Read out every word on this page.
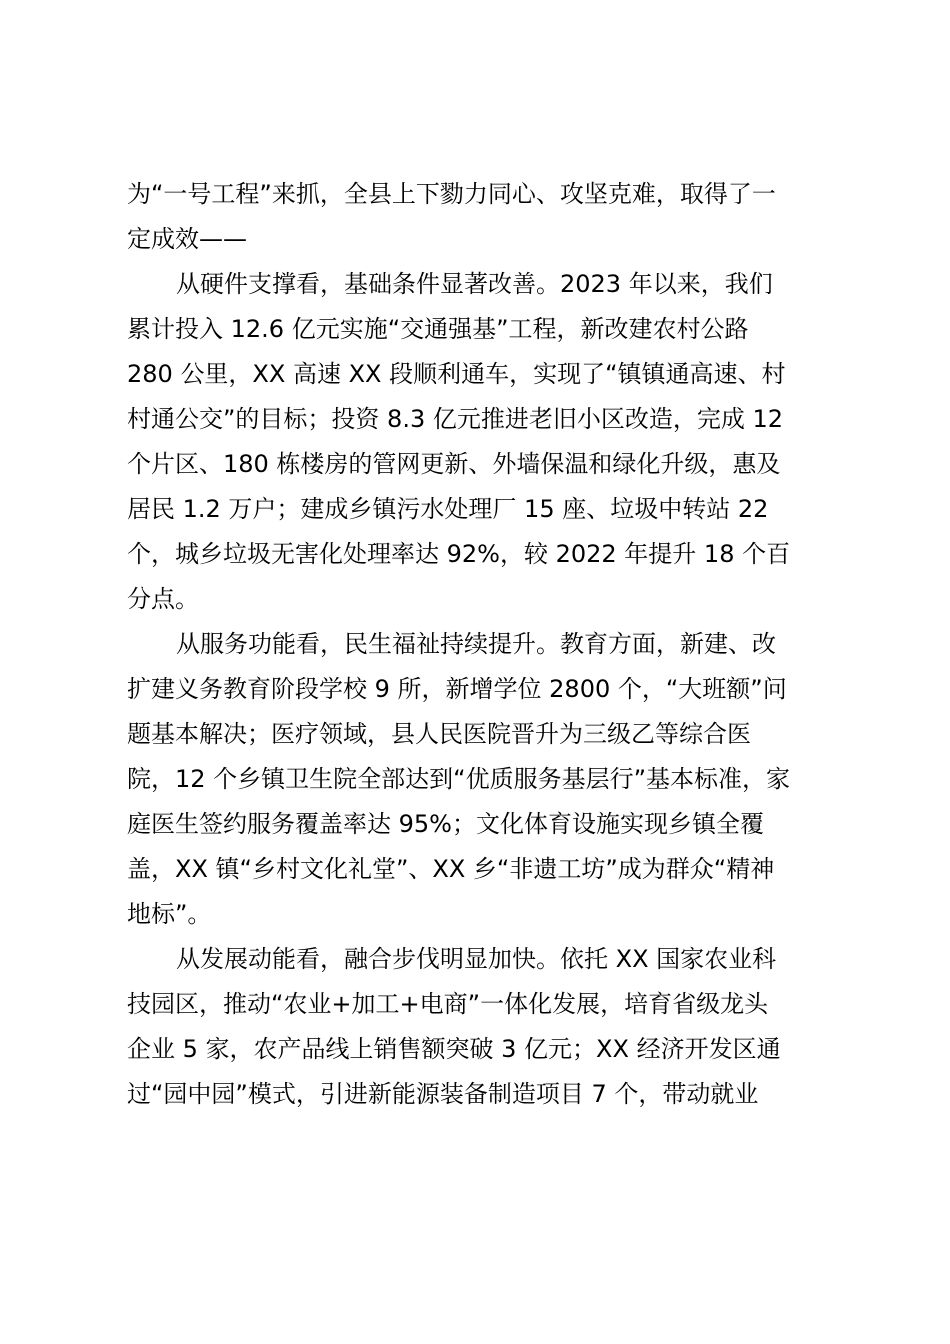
为“一号工程”来抓，全县上下勠力同心、攻坚克难，取得了一
定成效——
从硬件支撑看，基础条件显著改善。2023 年以来，我们
累计投入 12.6 亿元实施“交通强基”工程，新改建农村公路
280 公里，XX 高速 XX 段顺利通车，实现了“镇镇通高速、村
村通公交”的目标；投资 8.3 亿元推进老旧小区改造，完成 12
个片区、180 栋楼房的管网更新、外墙保温和绿化升级，惠及
居民 1.2 万户；建成乡镇污水处理厂 15 座、垃圾中转站 22
个，城乡垃圾无害化处理率达 92%，较 2022 年提升 18 个百
分点。
从服务功能看，民生福祉持续提升。教育方面，新建、改
扩建义务教育阶段学校 9 所，新增学位 2800 个，“大班额”问
题基本解决；医疗领域，县人民医院晋升为三级乙等综合医
院，12 个乡镇卫生院全部达到“优质服务基层行”基本标准，家
庭医生签约服务覆盖率达 95%；文化体育设施实现乡镇全覆
盖，XX 镇“乡村文化礼堂”、XX 乡“非遗工坊”成为群众“精神
地标”。
从发展动能看，融合步伐明显加快。依托 XX 国家农业科
技园区，推动“农业+加工+电商”一体化发展，培育省级龙头
企业 5 家，农产品线上销售额突破 3 亿元；XX 经济开发区通
过“园中园”模式，引进新能源装备制造项目 7 个，带动就业
